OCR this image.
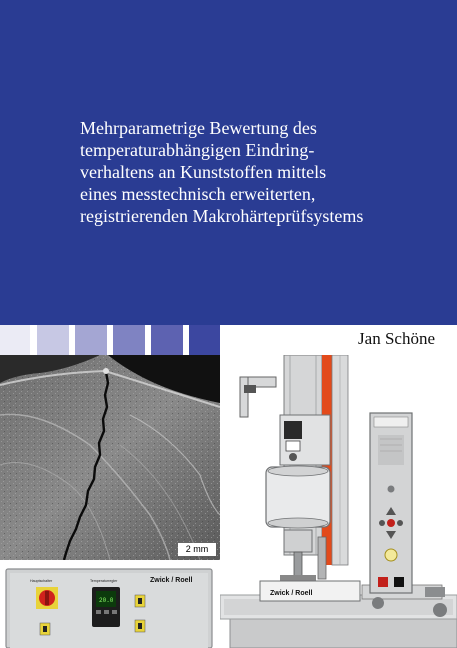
Mehrparametrige Bewertung des
temperaturabhängigen Eindring-
verhaltens an Kunststoffen mittels
eines messtechnisch erweiterten,
registrierenden Makrohärteprüfsystems
Jan Schöne
2 mm
Hauptschalter	Temperaturregler	Zwick / Roell
20.0
Zwick / Roell
